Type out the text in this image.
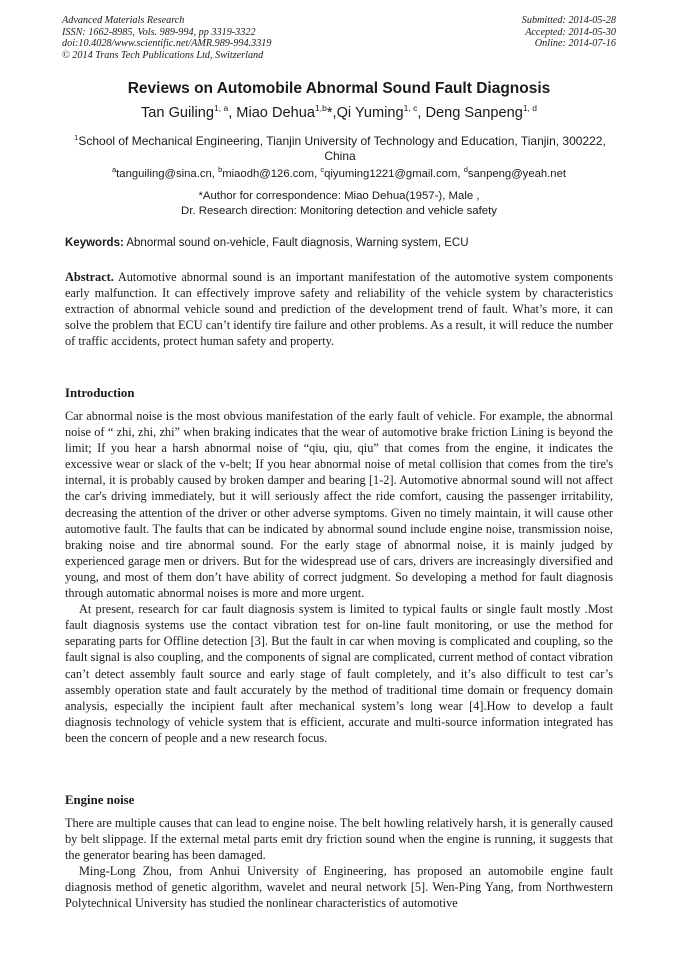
Advanced Materials Research
ISSN: 1662-8985, Vols. 989-994, pp 3319-3322
doi:10.4028/www.scientific.net/AMR.989-994.3319
© 2014 Trans Tech Publications Ltd, Switzerland
Submitted: 2014-05-28
Accepted: 2014-05-30
Online: 2014-07-16
Reviews on Automobile Abnormal Sound Fault Diagnosis
Tan Guiling$^{1, a}$, Miao Dehua$^{1,b}$*,Qi Yuming$^{1, c}$, Deng Sanpeng$^{1, d}$
$^1$School of Mechanical Engineering, Tianjin University of Technology and Education, Tianjin, 300222, China
$^a$tanguiling@sina.cn, $^b$miaodh@126.com, $^c$qiyuming1221@gmail.com, $^d$sanpeng@yeah.net
*Author for correspondence: Miao Dehua(1957-), Male ,
Dr. Research direction: Monitoring detection and vehicle safety
Keywords: Abnormal sound on-vehicle, Fault diagnosis, Warning system, ECU

Abstract. Automotive abnormal sound is an important manifestation of the automotive system components early malfunction. It can effectively improve safety and reliability of the vehicle system by characteristics extraction of abnormal vehicle sound and prediction of the development trend of fault. What’s more, it can solve the problem that ECU can’t identify tire failure and other problems. As a result, it will reduce the number of traffic accidents, protect human safety and property.

Introduction

Car abnormal noise is the most obvious manifestation of the early fault of vehicle. For example, the abnormal noise of “ zhi, zhi, zhi” when braking indicates that the wear of automotive brake friction Lining is beyond the limit; If you hear a harsh abnormal noise of “qiu, qiu, qiu” that comes from the engine, it indicates the excessive wear or slack of the v-belt; If you hear abnormal noise of metal collision that comes from the tire's internal, it is probably caused by broken damper and bearing [1-2]. Automotive abnormal sound will not affect the car's driving immediately, but it will seriously affect the ride comfort, causing the passenger irritability, decreasing the attention of the driver or other adverse symptoms. Given no timely maintain, it will cause other automotive fault. The faults that can be indicated by abnormal sound include engine noise, transmission noise, braking noise and tire abnormal sound. For the early stage of abnormal noise, it is mainly judged by experienced garage men or drivers. But for the widespread use of cars, drivers are increasingly diversified and young, and most of them don’t have ability of correct judgment. So developing a method for fault diagnosis through automatic abnormal noises is more and more urgent.

At present, research for car fault diagnosis system is limited to typical faults or single fault mostly .Most fault diagnosis systems use the contact vibration test for on-line fault monitoring, or use the method for separating parts for Offline detection [3]. But the fault in car when moving is complicated and coupling, so the fault signal is also coupling, and the components of signal are complicated, current method of contact vibration can’t detect assembly fault source and early stage of fault completely, and it’s also difficult to test car’s assembly operation state and fault accurately by the method of traditional time domain or frequency domain analysis, especially the incipient fault after mechanical system’s long wear [4].How to develop a fault diagnosis technology of vehicle system that is efficient, accurate and multi-source information integrated has been the concern of people and a new research focus.

Engine noise

There are multiple causes that can lead to engine noise. The belt howling relatively harsh, it is generally caused by belt slippage. If the external metal parts emit dry friction sound when the engine is running, it suggests that the generator bearing has been damaged.

Ming-Long Zhou, from Anhui University of Engineering, has proposed an automobile engine fault diagnosis method of genetic algorithm, wavelet and neural network [5]. Wen-Ping Yang, from Northwestern Polytechnical University has studied the nonlinear characteristics of automotive
